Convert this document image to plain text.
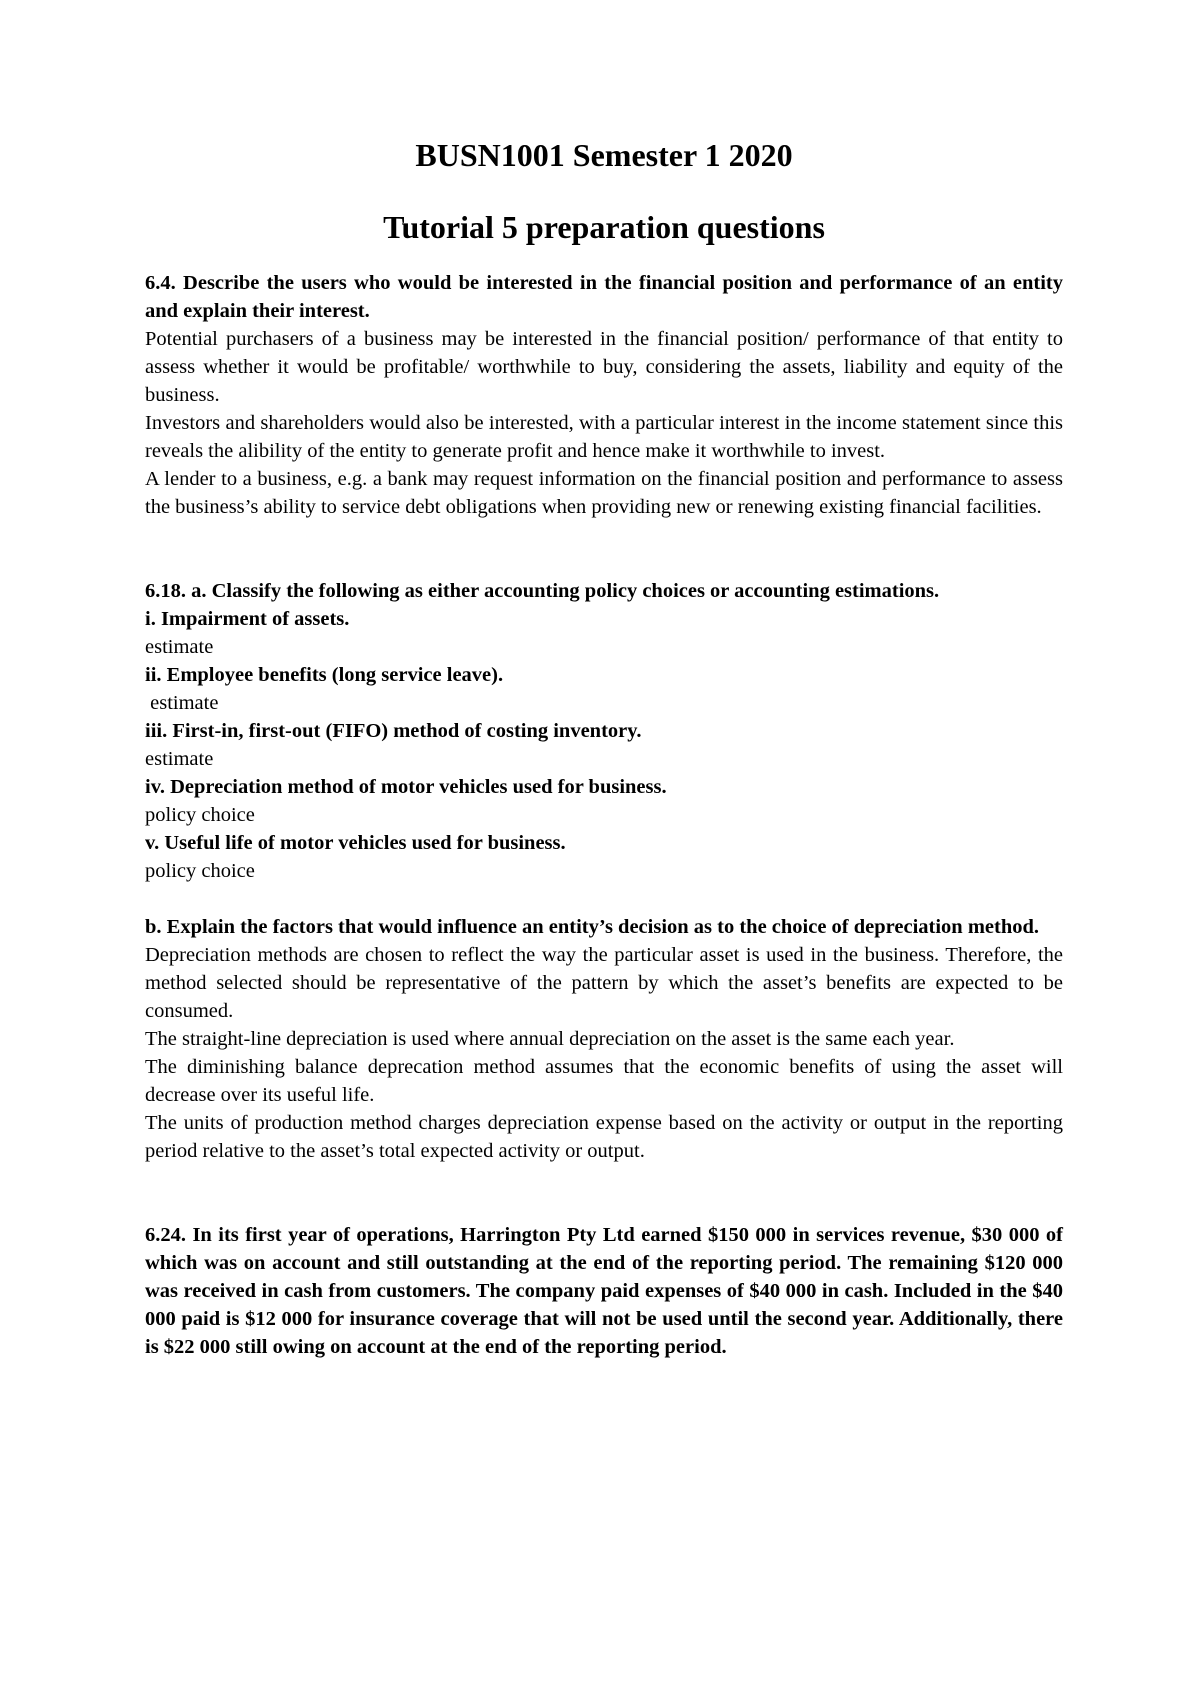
BUSN1001 Semester 1 2020
Tutorial 5 preparation questions

6.4. Describe the users who would be interested in the financial position and performance of an entity and explain their interest.

Potential purchasers of a business may be interested in the financial position/ performance of that entity to assess whether it would be profitable/ worthwhile to buy, considering the assets, liability and equity of the business.

Investors and shareholders would also be interested, with a particular interest in the income statement since this reveals the alibility of the entity to generate profit and hence make it worthwhile to invest.

A lender to a business, e.g. a bank may request information on the financial position and performance to assess the business’s ability to service debt obligations when providing new or renewing existing financial facilities.

6.18. a. Classify the following as either accounting policy choices or accounting estimations.

i. Impairment of assets.

estimate

ii. Employee benefits (long service leave).

estimate

iii. First-in, first-out (FIFO) method of costing inventory.

estimate

iv. Depreciation method of motor vehicles used for business.

policy choice

v. Useful life of motor vehicles used for business.

policy choice

b. Explain the factors that would influence an entity’s decision as to the choice of depreciation method.

Depreciation methods are chosen to reflect the way the particular asset is used in the business. Therefore, the method selected should be representative of the pattern by which the asset’s benefits are expected to be consumed.

The straight-line depreciation is used where annual depreciation on the asset is the same each year.

The diminishing balance deprecation method assumes that the economic benefits of using the asset will decrease over its useful life.

The units of production method charges depreciation expense based on the activity or output in the reporting period relative to the asset’s total expected activity or output.

6.24. In its first year of operations, Harrington Pty Ltd earned $150 000 in services revenue, $30 000 of which was on account and still outstanding at the end of the reporting period. The remaining $120 000 was received in cash from customers. The company paid expenses of $40 000 in cash. Included in the $40 000 paid is $12 000 for insurance coverage that will not be used until the second year. Additionally, there is $22 000 still owing on account at the end of the reporting period.
